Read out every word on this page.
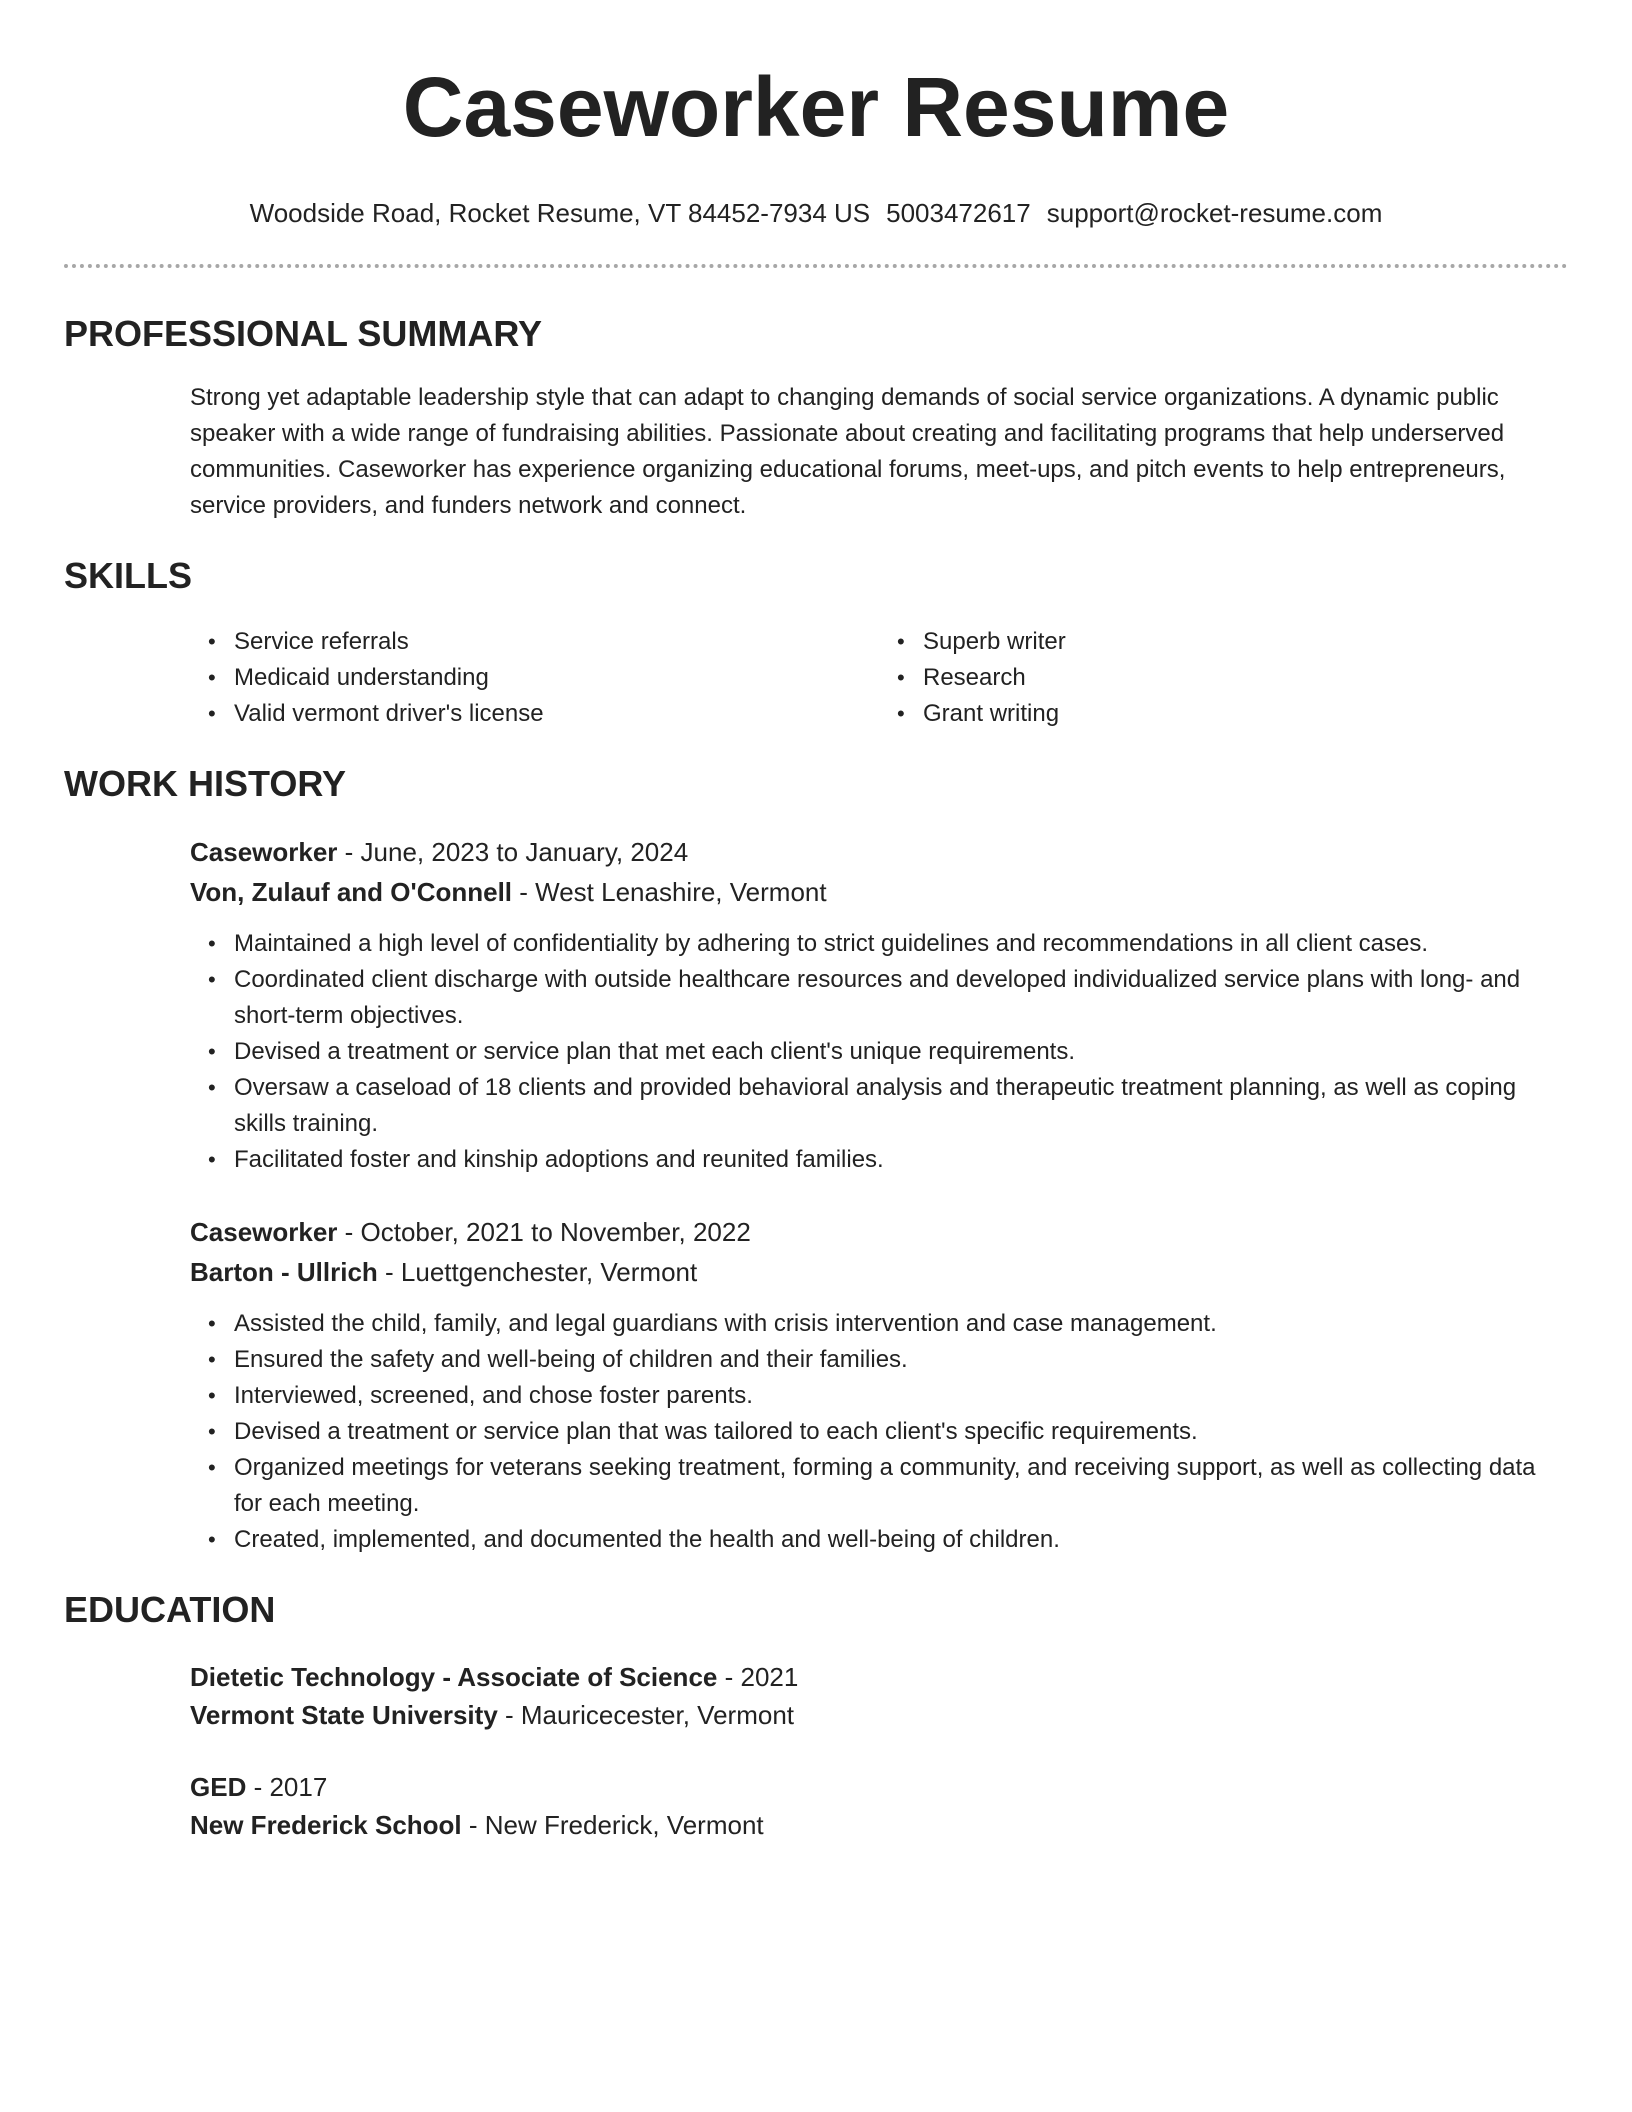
Caseworker Resume
Woodside Road, Rocket Resume, VT 84452-7934 US 5003472617 support@rocket-resume.com
PROFESSIONAL SUMMARY
Strong yet adaptable leadership style that can adapt to changing demands of social service organizations. A dynamic public speaker with a wide range of fundraising abilities. Passionate about creating and facilitating programs that help underserved communities. Caseworker has experience organizing educational forums, meet-ups, and pitch events to help entrepreneurs, service providers, and funders network and connect.
SKILLS
• Service referrals
• Medicaid understanding
• Valid vermont driver's license
• Superb writer
• Research
• Grant writing
WORK HISTORY
Caseworker - June, 2023 to January, 2024
Von, Zulauf and O'Connell - West Lenashire, Vermont
• Maintained a high level of confidentiality by adhering to strict guidelines and recommendations in all client cases.
• Coordinated client discharge with outside healthcare resources and developed individualized service plans with long- and short-term objectives.
• Devised a treatment or service plan that met each client's unique requirements.
• Oversaw a caseload of 18 clients and provided behavioral analysis and therapeutic treatment planning, as well as coping skills training.
• Facilitated foster and kinship adoptions and reunited families.
Caseworker - October, 2021 to November, 2022
Barton - Ullrich - Luettgenchester, Vermont
• Assisted the child, family, and legal guardians with crisis intervention and case management.
• Ensured the safety and well-being of children and their families.
• Interviewed, screened, and chose foster parents.
• Devised a treatment or service plan that was tailored to each client's specific requirements.
• Organized meetings for veterans seeking treatment, forming a community, and receiving support, as well as collecting data for each meeting.
• Created, implemented, and documented the health and well-being of children.
EDUCATION
Dietetic Technology - Associate of Science - 2021
Vermont State University - Mauricecester, Vermont
GED - 2017
New Frederick School - New Frederick, Vermont
